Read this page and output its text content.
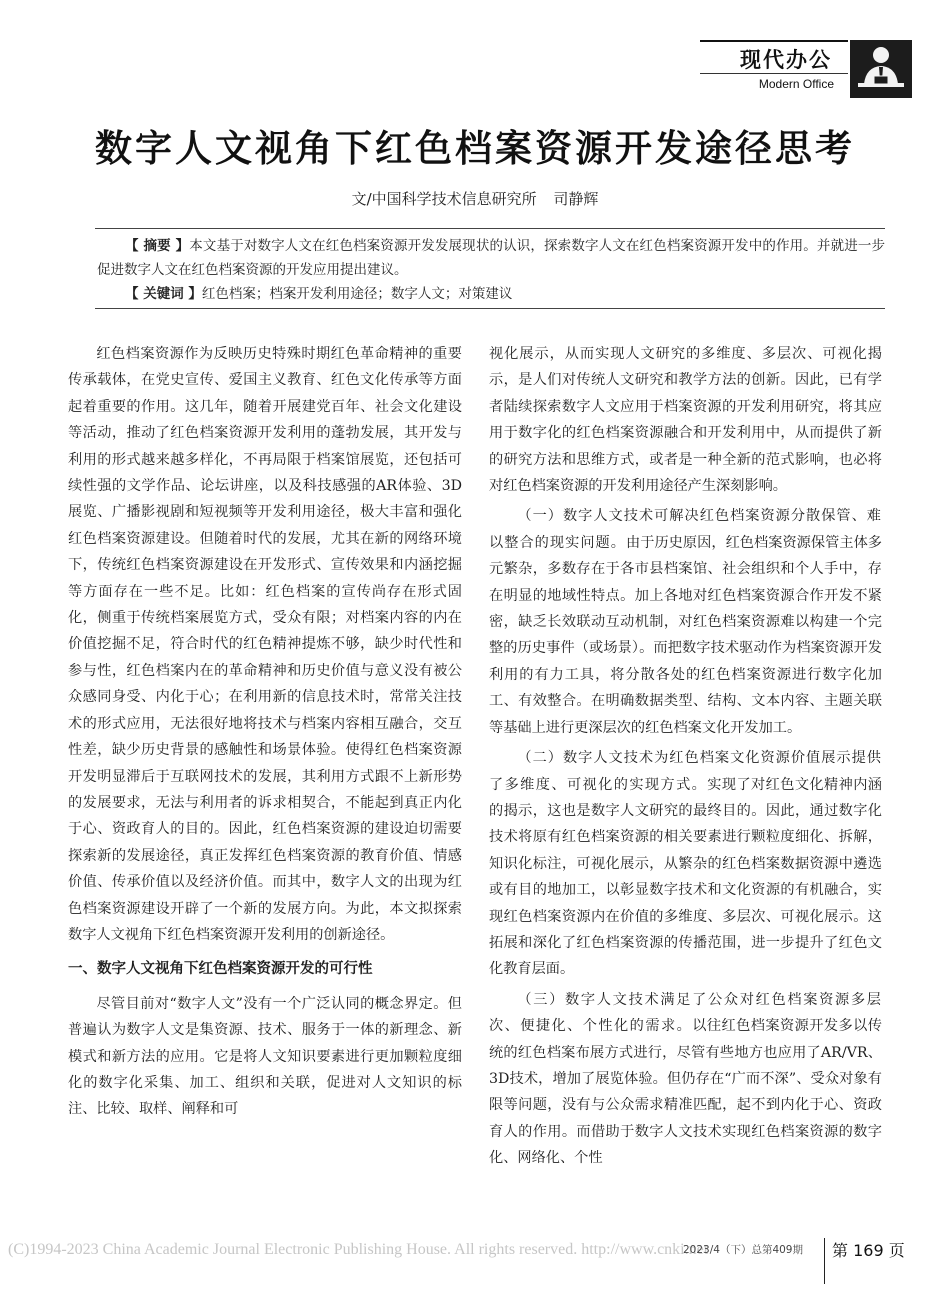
现代办公
Modern Office
数字人文视角下红色档案资源开发途径思考
文/中国科学技术信息研究所 司静辉
【 摘要 】本文基于对数字人文在红色档案资源开发发展现状的认识，探索数字人文在红色档案资源开发中的作用。并就进一步促进数字人文在红色档案资源的开发应用提出建议。
【 关键词 】红色档案；档案开发利用途径；数字人文；对策建议

红色档案资源作为反映历史特殊时期红色革命精神的重要传承载体，在党史宣传、爱国主义教育、红色文化传承等方面起着重要的作用。这几年，随着开展建党百年、社会文化建设等活动，推动了红色档案资源开发利用的蓬勃发展，其开发与利用的形式越来越多样化，不再局限于档案馆展览，还包括可续性强的文学作品、论坛讲座，以及科技感强的AR体验、3D展览、广播影视剧和短视频等开发利用途径，极大丰富和强化红色档案资源建设。但随着时代的发展，尤其在新的网络环境下，传统红色档案资源建设在开发形式、宣传效果和内涵挖掘等方面存在一些不足。比如：红色档案的宣传尚存在形式固化，侧重于传统档案展览方式，受众有限；对档案内容的内在价值挖掘不足，符合时代的红色精神提炼不够，缺少时代性和参与性，红色档案内在的革命精神和历史价值与意义没有被公众感同身受、内化于心；在利用新的信息技术时，常常关注技术的形式应用，无法很好地将技术与档案内容相互融合，交互性差，缺少历史背景的感触性和场景体验。使得红色档案资源开发明显滞后于互联网技术的发展，其利用方式跟不上新形势的发展要求，无法与利用者的诉求相契合，不能起到真正内化于心、资政育人的目的。因此，红色档案资源的建设迫切需要探索新的发展途径，真正发挥红色档案资源的教育价值、情感价值、传承价值以及经济价值。而其中，数字人文的出现为红色档案资源建设开辟了一个新的发展方向。为此，本文拟探索数字人文视角下红色档案资源开发利用的创新途径。

一、数字人文视角下红色档案资源开发的可行性

尽管目前对“数字人文”没有一个广泛认同的概念界定。但普遍认为数字人文是集资源、技术、服务于一体的新理念、新模式和新方法的应用。它是将人文知识要素进行更加颗粒度细化的数字化采集、加工、组织和关联，促进对人文知识的标注、比较、取样、阐释和可

视化展示，从而实现人文研究的多维度、多层次、可视化揭示，是人们对传统人文研究和教学方法的创新。因此，已有学者陆续探索数字人文应用于档案资源的开发利用研究，将其应用于数字化的红色档案资源融合和开发利用中，从而提供了新的研究方法和思维方式，或者是一种全新的范式影响，也必将对红色档案资源的开发利用途径产生深刻影响。

（一）数字人文技术可解决红色档案资源分散保管、难以整合的现实问题。由于历史原因，红色档案资源保管主体多元繁杂，多数存在于各市县档案馆、社会组织和个人手中，存在明显的地域性特点。加上各地对红色档案资源合作开发不紧密，缺乏长效联动互动机制，对红色档案资源难以构建一个完整的历史事件（或场景）。而把数字技术驱动作为档案资源开发利用的有力工具，将分散各处的红色档案资源进行数字化加工、有效整合。在明确数据类型、结构、文本内容、主题关联等基础上进行更深层次的红色档案文化开发加工。

（二）数字人文技术为红色档案文化资源价值展示提供了多维度、可视化的实现方式。实现了对红色文化精神内涵的揭示，这也是数字人文研究的最终目的。因此，通过数字化技术将原有红色档案资源的相关要素进行颗粒度细化、拆解，知识化标注，可视化展示，从繁杂的红色档案数据资源中遴选或有目的地加工，以彰显数字技术和文化资源的有机融合，实现红色档案资源内在价值的多维度、多层次、可视化展示。这拓展和深化了红色档案资源的传播范围，进一步提升了红色文化教育层面。

（三）数字人文技术满足了公众对红色档案资源多层次、便捷化、个性化的需求。以往红色档案资源开发多以传统的红色档案布展方式进行，尽管有些地方也应用了AR/VR、3D技术，增加了展览体验。但仍存在“广而不深”、受众对象有限等问题，没有与公众需求精准匹配，起不到内化于心、资政育人的作用。而借助于数字人文技术实现红色档案资源的数字化、网络化、个性

(C)1994-2023 China Academic Journal Electronic Publishing House. All rights reserved. http://www.cnki.net
2023/4（下）总第409期 第 169 页
